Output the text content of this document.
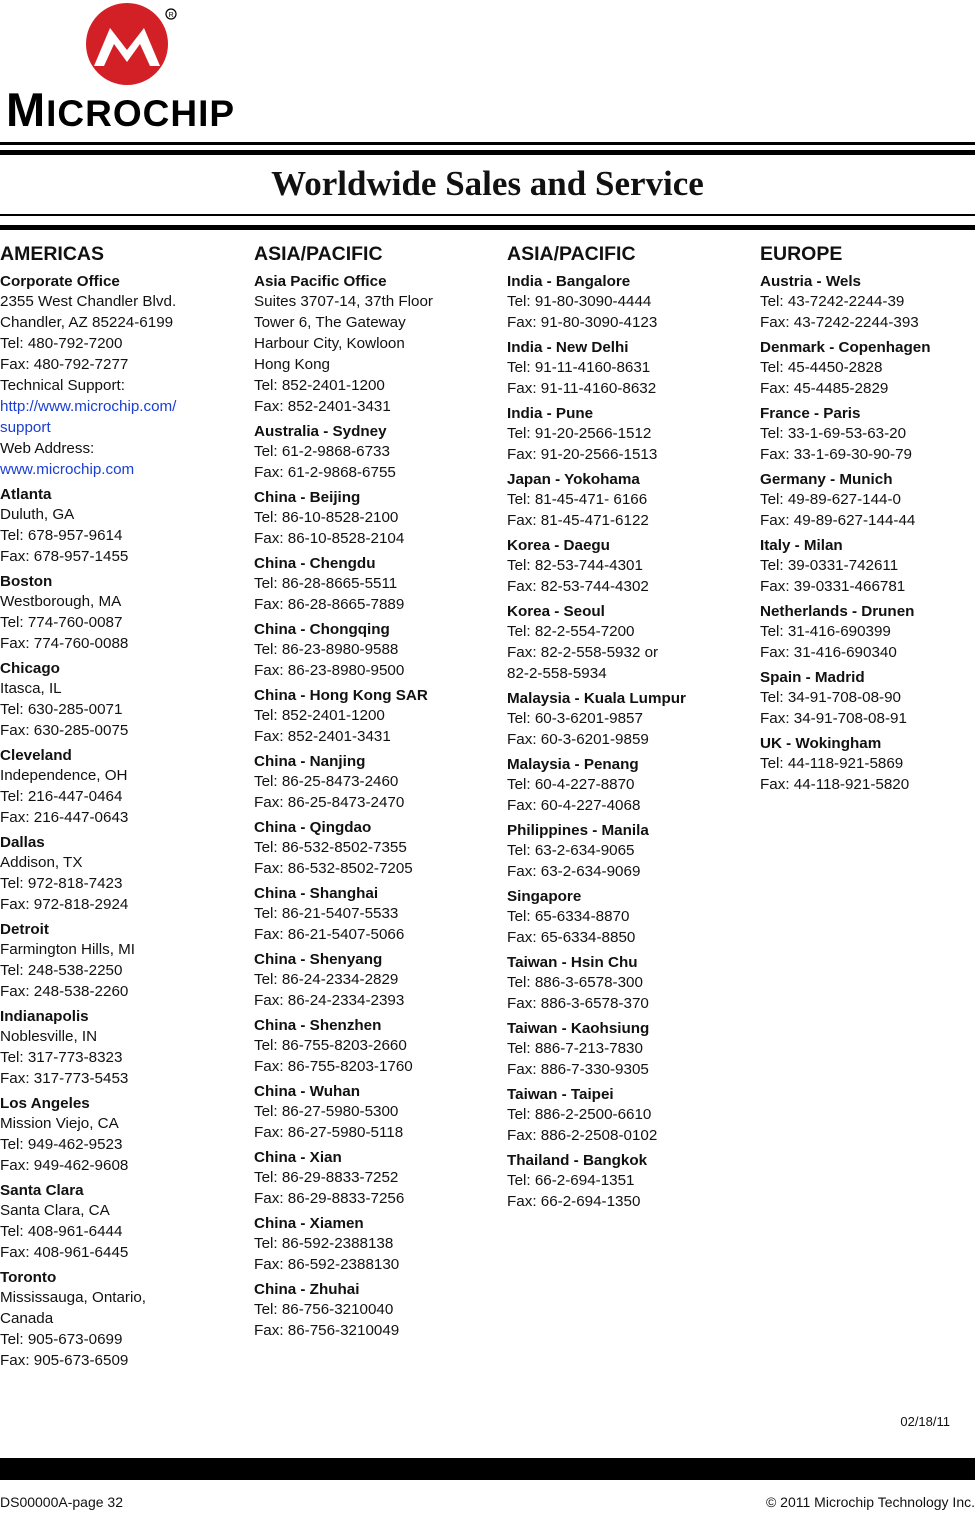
R
MICROCHIP
Worldwide Sales and Service
AMERICAS
Corporate Office
2355 West Chandler Blvd.
Chandler, AZ 85224-6199
Tel: 480-792-7200
Fax: 480-792-7277
Technical Support:
http://www.microchip.com/
support
Web Address:
www.microchip.com
Atlanta
Duluth, GA
Tel: 678-957-9614
Fax: 678-957-1455
Boston
Westborough, MA
Tel: 774-760-0087
Fax: 774-760-0088
Chicago
Itasca, IL
Tel: 630-285-0071
Fax: 630-285-0075
Cleveland
Independence, OH
Tel: 216-447-0464
Fax: 216-447-0643
Dallas
Addison, TX
Tel: 972-818-7423
Fax: 972-818-2924
Detroit
Farmington Hills, MI
Tel: 248-538-2250
Fax: 248-538-2260
Indianapolis
Noblesville, IN
Tel: 317-773-8323
Fax: 317-773-5453
Los Angeles
Mission Viejo, CA
Tel: 949-462-9523
Fax: 949-462-9608
Santa Clara
Santa Clara, CA
Tel: 408-961-6444
Fax: 408-961-6445
Toronto
Mississauga, Ontario,
Canada
Tel: 905-673-0699
Fax: 905-673-6509
ASIA/PACIFIC
Asia Pacific Office
Suites 3707-14, 37th Floor
Tower 6, The Gateway
Harbour City, Kowloon
Hong Kong
Tel: 852-2401-1200
Fax: 852-2401-3431
Australia - Sydney
Tel: 61-2-9868-6733
Fax: 61-2-9868-6755
China - Beijing
Tel: 86-10-8528-2100
Fax: 86-10-8528-2104
China - Chengdu
Tel: 86-28-8665-5511
Fax: 86-28-8665-7889
China - Chongqing
Tel: 86-23-8980-9588
Fax: 86-23-8980-9500
China - Hong Kong SAR
Tel: 852-2401-1200
Fax: 852-2401-3431
China - Nanjing
Tel: 86-25-8473-2460
Fax: 86-25-8473-2470
China - Qingdao
Tel: 86-532-8502-7355
Fax: 86-532-8502-7205
China - Shanghai
Tel: 86-21-5407-5533
Fax: 86-21-5407-5066
China - Shenyang
Tel: 86-24-2334-2829
Fax: 86-24-2334-2393
China - Shenzhen
Tel: 86-755-8203-2660
Fax: 86-755-8203-1760
China - Wuhan
Tel: 86-27-5980-5300
Fax: 86-27-5980-5118
China - Xian
Tel: 86-29-8833-7252
Fax: 86-29-8833-7256
China - Xiamen
Tel: 86-592-2388138
Fax: 86-592-2388130
China - Zhuhai
Tel: 86-756-3210040
Fax: 86-756-3210049
ASIA/PACIFIC
India - Bangalore
Tel: 91-80-3090-4444
Fax: 91-80-3090-4123
India - New Delhi
Tel: 91-11-4160-8631
Fax: 91-11-4160-8632
India - Pune
Tel: 91-20-2566-1512
Fax: 91-20-2566-1513
Japan - Yokohama
Tel: 81-45-471- 6166
Fax: 81-45-471-6122
Korea - Daegu
Tel: 82-53-744-4301
Fax: 82-53-744-4302
Korea - Seoul
Tel: 82-2-554-7200
Fax: 82-2-558-5932 or
82-2-558-5934
Malaysia - Kuala Lumpur
Tel: 60-3-6201-9857
Fax: 60-3-6201-9859
Malaysia - Penang
Tel: 60-4-227-8870
Fax: 60-4-227-4068
Philippines - Manila
Tel: 63-2-634-9065
Fax: 63-2-634-9069
Singapore
Tel: 65-6334-8870
Fax: 65-6334-8850
Taiwan - Hsin Chu
Tel: 886-3-6578-300
Fax: 886-3-6578-370
Taiwan - Kaohsiung
Tel: 886-7-213-7830
Fax: 886-7-330-9305
Taiwan - Taipei
Tel: 886-2-2500-6610
Fax: 886-2-2508-0102
Thailand - Bangkok
Tel: 66-2-694-1351
Fax: 66-2-694-1350
EUROPE
Austria - Wels
Tel: 43-7242-2244-39
Fax: 43-7242-2244-393
Denmark - Copenhagen
Tel: 45-4450-2828
Fax: 45-4485-2829
France - Paris
Tel: 33-1-69-53-63-20
Fax: 33-1-69-30-90-79
Germany - Munich
Tel: 49-89-627-144-0
Fax: 49-89-627-144-44
Italy - Milan
Tel: 39-0331-742611
Fax: 39-0331-466781
Netherlands - Drunen
Tel: 31-416-690399
Fax: 31-416-690340
Spain - Madrid
Tel: 34-91-708-08-90
Fax: 34-91-708-08-91
UK - Wokingham
Tel: 44-118-921-5869
Fax: 44-118-921-5820
02/18/11
DS00000A-page 32	© 2011 Microchip Technology Inc.
